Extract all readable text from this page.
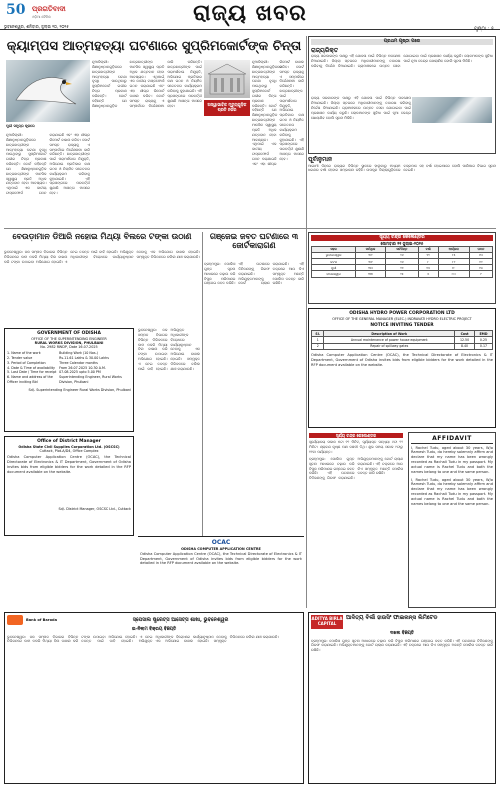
50 ପ୍ରଗତିବାଦୀ
ଓଡ଼ିଆ ଦୈନିକ	ରାଜ୍ୟ ଖବର
ଭୁବନେଶ୍ୱର, ଶନିବାର, ଜୁଲାଇ ୨୦, ୨୦୨୫	ପୃଷ୍ଠା : ୫
କ୍ୟାମ୍ପସ ଆତ୍ମହତ୍ୟା ଘଟଣାରେ ସୁପ୍ରିମକୋର୍ଟଙ୍କ ଚିନ୍ତା
ଅସ୍ୱାଭାବିକ ମୃତ୍ୟୁଗୁଡ଼ିକ ପ୍ରତି ନଜର
ନୂଆଦିଲ୍ଲୀ: ଶିକ୍ଷାନୁଷ୍ଠାନଗୁଡ଼ିକରେ ଛାତ୍ରଛାତ୍ରୀଙ୍କ ଆତ୍ମହତ୍ୟା ଘଟଣା ବୃଦ୍ଧି ପାଉଥିବାରୁ ସୁପ୍ରିମକୋର୍ଟ ଗଭୀର ଚିନ୍ତା ପ୍ରକାଶ କରିଛନ୍ତି। କୋର୍ଟ କହିଛନ୍ତି ଯେ ଶିକ୍ଷାନୁଷ୍ଠାନଗୁଡ଼ିକ ଛାତ୍ରଛାତ୍ରୀଙ୍କ ମାନସିକ ସ୍ୱାସ୍ଥ୍ୟ ପ୍ରତି ଅଧିକ ଯତ୍ନବାନ ହେବା ଆବଶ୍ୟକ। ଏଥିପାଇଁ ଏକ ଜାତୀୟ ଟାସ୍କଫୋର୍ସ ଗଠନ କରାଯାଇଛି ଏବଂ ଏହା ଶୀଘ୍ର ରିପୋର୍ଟ ଦାଖଲ କରିବ। କୋର୍ଟ ସମସ୍ତ ରାଜ୍ୟକୁ ଏ ସମ୍ପର୍କରେ ନିର୍ଦ୍ଦେଶନାମା ଜାରି କରିଛନ୍ତି। ଛାତ୍ରଛାତ୍ରୀଙ୍କ ପାଇଁ ପରାମର୍ଶଦାତା ନିଯୁକ୍ତି, ଅଭିଯୋଗ ପ୍ରତିକାର କକ୍ଷ ଗଠନ ଓ ନିୟମିତ ସଚେତନତା କାର୍ଯ୍ୟକ୍ରମ କରିବାକୁ କୁହାଯାଇଛି। ଏହି ପ୍ରସଙ୍ଗରେ ପରବର୍ତ୍ତୀ ଶୁଣାଣି ଆସନ୍ତା ମାସରେ ହେବ।
ନୂଆଦିଲ୍ଲୀ: ଶିକ୍ଷାନୁଷ୍ଠାନଗୁଡ଼ିକରେ ଛାତ୍ରଛାତ୍ରୀଙ୍କ ଆତ୍ମହତ୍ୟା ଘଟଣା ବୃଦ୍ଧି ପାଉଥିବାରୁ ସୁପ୍ରିମକୋର୍ଟ ଗଭୀର ଚିନ୍ତା ପ୍ରକାଶ କରିଛନ୍ତି। କୋର୍ଟ କହିଛନ୍ତି ଯେ ଶିକ୍ଷାନୁଷ୍ଠାନଗୁଡ଼ିକ ଛାତ୍ରଛାତ୍ରୀଙ୍କ ମାନସିକ ସ୍ୱାସ୍ଥ୍ୟ ପ୍ରତି ଅଧିକ ଯତ୍ନବାନ ହେବା ଆବଶ୍ୟକ। ଏଥିପାଇଁ ଏକ ଜାତୀୟ ଟାସ୍କଫୋର୍ସ ଗଠନ କରାଯାଇଛି ଏବଂ ଏହା ଶୀଘ୍ର ରିପୋର୍ଟ ଦାଖଲ କରିବ। କୋର୍ଟ ସମସ୍ତ ରାଜ୍ୟକୁ ଏ ସମ୍ପର୍କରେ ନିର୍ଦ୍ଦେଶନାମା ଜାରି କରିଛନ୍ତି। ଛାତ୍ରଛାତ୍ରୀଙ୍କ ପାଇଁ ପରାମର୍ଶଦାତା ନିଯୁକ୍ତି, ଅଭିଯୋଗ ପ୍ରତିକାର କକ୍ଷ ଗଠନ ଓ ନିୟମିତ ସଚେତନତା କାର୍ଯ୍ୟକ୍ରମ କରିବାକୁ କୁହାଯାଇଛି। ଏହି ପ୍ରସଙ୍ଗରେ ପରବର୍ତ୍ତୀ ଶୁଣାଣି ଆସନ୍ତା ମାସରେ ହେବ।
ପୁରୀ ସମୁଦ୍ର କୂଳରେ
ନୂଆଦିଲ୍ଲୀ: ଶିକ୍ଷାନୁଷ୍ଠାନଗୁଡ଼ିକରେ ଛାତ୍ରଛାତ୍ରୀଙ୍କ ଆତ୍ମହତ୍ୟା ଘଟଣା ବୃଦ୍ଧି ପାଉଥିବାରୁ ସୁପ୍ରିମକୋର୍ଟ ଗଭୀର ଚିନ୍ତା ପ୍ରକାଶ କରିଛନ୍ତି। କୋର୍ଟ କହିଛନ୍ତି ଯେ ଶିକ୍ଷାନୁଷ୍ଠାନଗୁଡ଼ିକ ଛାତ୍ରଛାତ୍ରୀଙ୍କ ମାନସିକ ସ୍ୱାସ୍ଥ୍ୟ ପ୍ରତି ଅଧିକ ଯତ୍ନବାନ ହେବା ଆବଶ୍ୟକ। ଏଥିପାଇଁ ଏକ ଜାତୀୟ ଟାସ୍କଫୋର୍ସ ଗଠନ କରାଯାଇଛି ଏବଂ ଏହା ଶୀଘ୍ର ରିପୋର୍ଟ ଦାଖଲ କରିବ। କୋର୍ଟ ସମସ୍ତ ରାଜ୍ୟକୁ ଏ ସମ୍ପର୍କରେ ନିର୍ଦ୍ଦେଶନାମା ଜାରି କରିଛନ୍ତି। ଛାତ୍ରଛାତ୍ରୀଙ୍କ ପାଇଁ ପରାମର୍ଶଦାତା ନିଯୁକ୍ତି, ଅଭିଯୋଗ ପ୍ରତିକାର କକ୍ଷ ଗଠନ ଓ ନିୟମିତ ସଚେତନତା କାର୍ଯ୍ୟକ୍ରମ କରିବାକୁ କୁହାଯାଇଛି। ଏହି ପ୍ରସଙ୍ଗରେ ପରବର୍ତ୍ତୀ ଶୁଣାଣି ଆସନ୍ତା ମାସରେ ହେବ।
ପ୍ରଥମ ପୃଷ୍ଠା ପରେ
ରାଜ୍ୟରିକ୍ତ
ରାଜ୍ୟ ସରକାରଙ୍କ ପକ୍ଷରୁ ଏହି ଯୋଜନା ପାଇଁ ବିଭିନ୍ନ ପଦକ୍ଷେପ ନିଆଯାଇଛି। ଜିଲ୍ଲା ସ୍ତରରେ ଅଧିକାରୀମାନଙ୍କୁ ତଦାରଖ କରିବାକୁ ନିର୍ଦ୍ଦେଶ ଦିଆଯାଇଛି। ଗ୍ରାମାଞ୍ଚଳରେ ଉନ୍ନତ ସେବା ଯୋଗାଇବା ପାଇଁ ପ୍ରଶାସନ କାର୍ଯ୍ୟ କରୁଛି। ଲୋକମାନଙ୍କ ସୁବିଧା ପାଇଁ ନୂଆ କେନ୍ଦ୍ର ଖୋଲାଯିବ ବୋଲି ସୂଚନା ମିଳିଛି।
ରାଜ୍ୟ ସରକାରଙ୍କ ପକ୍ଷରୁ ଏହି ଯୋଜନା ପାଇଁ ବିଭିନ୍ନ ପଦକ୍ଷେପ ନିଆଯାଇଛି। ଜିଲ୍ଲା ସ୍ତରରେ ଅଧିକାରୀମାନଙ୍କୁ ତଦାରଖ କରିବାକୁ ନିର୍ଦ୍ଦେଶ ଦିଆଯାଇଛି। ଗ୍ରାମାଞ୍ଚଳରେ ଉନ୍ନତ ସେବା ଯୋଗାଇବା ପାଇଁ ପ୍ରଶାସନ କାର୍ଯ୍ୟ କରୁଛି। ଲୋକମାନଙ୍କ ସୁବିଧା ପାଇଁ ନୂଆ କେନ୍ଦ୍ର ଖୋଲାଯିବ ବୋଲି ସୂଚନା ମିଳିଛି।
ପୂର୍ବାନୁମାନ
ଆଗାମୀ ଦିନରେ ରାଜ୍ୟର ବିଭିନ୍ନ ସ୍ଥାନରେ ହାଲୁକାରୁ ମଧ୍ୟମ ଧରଣର ବର୍ଷା ହେବାର ସମ୍ଭାବନା ରହିଛି। ଉପକୂଳ ଜିଲ୍ଲାଗୁଡ଼ିକରେ ବଜ୍ରପାତ ସହ ବର୍ଷା ହୋଇପାରେ ବୋଲି ପାଣିପାଗ ବିଭାଗ ସୂଚନା ଦେଇଛି।
ବେଉଡ଼ାମାନ ଡିଆରି ନହୋଇ ମିଥ୍ୟା ବିଲରେ ଟଙ୍କା ଉଠାଣ
ଭୁବନେଶ୍ୱର: ଜଳ ସମ୍ପଦ ବିଭାଗର ବିଭିନ୍ନ ଡିଭିଜନରେ କାମ ନକରି ମିଥ୍ୟା ବିଲ ଦାଖଲ କରି ଟଙ୍କା ଉଠାଇବା ଅଭିଯୋଗ ହୋଇଛି। ଏ ନେଇ ତଦନ୍ତ ପାଇଁ ଦାବି ହୋଇଛି। ଅଭିଯୁକ୍ତ ଅଧିକାରୀଙ୍କ ବିରୋଧରେ କାର୍ଯ୍ୟାନୁଷ୍ଠାନ ନେବାକୁ ଏକ ଅଭିଯୋଗ ଦାଖଲ ହୋଇଛି। ସମ୍ପୃକ୍ତ ଡିଭିଜନରେ ଦଲିଲ ଯାଞ୍ଚ କରାଯାଉଛି।
GOVERNMENT OF ODISHA
OFFICE OF THE SUPERINTENDING ENGINEER
RURAL WORKS DIVISION, PHULBANI
No. 2982 RWDP, Date 16.07.2025
1. Name of the work	Building Work (10 Nos.)
2. Tender value	Rs.11.61 Lakhs & 30.00 Lakhs
3. Period of Completion	Three Calendar months
4. Date & Time of availability	From 26.07.2025 10.30 A.M.
5. Last Date / Time for receipt 07.08.2025 upto 5.00 PM
6. Name and address of the Officer inviting Bid
Superintending Engineer, Rural Works Division, Phulbani
Sd/- Superintending Engineer Rural Works Division, Phulbani
Office of District Manager
Odisha State Civil Supplies Corporation Ltd. (OSCSC)
Cuttack, Plot-A/D4, Office Complex
Odisha Computer Application Centre (OCAC), the Technical Directorate of Electronics & IT Department, Government of Odisha invites bids from eligible bidders for the work detailed in the RFP document available on the website.
Sd/- District Manager, OSCSC Ltd., Cuttack
ଭୁବନେଶ୍ୱର: ଜଳ ସମ୍ପଦ ବିଭାଗର ବିଭିନ୍ନ ଡିଭିଜନରେ କାମ ନକରି ମିଥ୍ୟା ବିଲ ଦାଖଲ କରି ଟଙ୍କା ଉଠାଇବା ଅଭିଯୋଗ ହୋଇଛି। ଏ ନେଇ ତଦନ୍ତ ପାଇଁ ଦାବି ହୋଇଛି। ଅଭିଯୁକ୍ତ ଅଧିକାରୀଙ୍କ ବିରୋଧରେ କାର୍ଯ୍ୟାନୁଷ୍ଠାନ ନେବାକୁ ଏକ ଅଭିଯୋଗ ଦାଖଲ ହୋଇଛି। ସମ୍ପୃକ୍ତ ଡିଭିଜନରେ ଦଲିଲ ଯାଞ୍ଚ କରାଯାଉଛି।
ଗଞ୍ଜେଇ ଜବତ ଘଟଣାରେ ୩ ଜୋର୍ଟକାରାଗଣ
ବ୍ରହ୍ମପୁର: ପୋଲିସ ଗୁପ୍ତ ସୂଚନା ଆଧାରରେ ଚଢ଼ାଉ କରି ବିପୁଳ ପରିମାଣର ଗଞ୍ଜେଇ ଜବତ କରିଛି। ଏହି ଘଟଣାରେ ତିନିଜଣଙ୍କୁ ଗିରଫ କରାଯାଇଛି। ଅଭିଯୁକ୍ତମାନଙ୍କୁ କୋର୍ଟ ଚାଲାଣ କରାଯାଇଛି। ଏହି ଚକ୍ରରେ ଆଉ କିଏ ସମ୍ପୃକ୍ତ ଅଛନ୍ତି ପୋଲିସ ତଦନ୍ତ ଜାରି ରଖିଛି।
ସୂର୍ଯ୍ୟ ଚନ୍ଦ୍ର କେଲେଣ୍ଡର
ସୋମବାର ୨୧ ଜୁଲାଇ-୨୦୨୫
ସହର	ସର୍ବାଧିକ	ସର୍ବନିମ୍ନ	ବର୍ଷା	ଆର୍ଦ୍ରତା	ପବନ
ଭୁବନେଶ୍ୱର	୩୨	୨୬	୧୨	୮୫	୧୦
କଟକ	୩୧	୨୬	୮	୮୨	୧୨
ପୁରୀ	୩୦	୨୭	୧୫	୮୮	୧୪
ବାଲେଶ୍ୱର	୩୩	୨୫	୫	୮୦	୯
OCAC
ODISHA COMPUTER APPLICATION CENTRE
Odisha Computer Application Centre (OCAC), the Technical Directorate of Electronics & IT Department, Government of Odisha invites bids from eligible bidders for the work detailed in the RFP document available on the website.
ODISHA HYDRO POWER CORPORATION LTD
OFFICE OF THE GENERAL MANAGER (ELEC.) INDRAVATI HYDRO ELECTRIC PROJECT
NOTICE INVITING TENDER
Sl.	Description of Work	Cost	EMD
1	Annual maintenance of power house equipment	12.50	0.25
2	Repair of spillway gates	8.40	0.17
Odisha Computer Application Centre (OCAC), the Technical Directorate of Electronics & IT Department, Government of Odisha invites bids from eligible bidders for the work detailed in the RFP document available on the website.
AFFIDAVIT
I, Rachel Tudu, aged about 30 years, W/o Ramesh Tudu, do hereby solemnly affirm and declare that my name has been wrongly recorded as Rachali Tudu in my passport. My actual name is Rachel Tudu and both the names belong to one and the same person.
I, Rachel Tudu, aged about 30 years, W/o Ramesh Tudu, do hereby solemnly affirm and declare that my name has been wrongly recorded as Rachali Tudu in my passport. My actual name is Rachel Tudu and both the names belong to one and the same person.
ସୂର୍ଯ୍ୟ ଚନ୍ଦ୍ର କେଲେଣ୍ଡର
ସୂର୍ଯ୍ୟୋଦୟ ସକାଳ ୫ଟା ୧୨ ମିନିଟ, ସୂର୍ଯ୍ୟାସ୍ତ ସନ୍ଧ୍ୟା ୬ଟା ୨୨ ମିନିଟ। ଶ୍ରାବଣ କୃଷ୍ଣ ପକ୍ଷ ଦଶମୀ ତିଥି। ଶୁଭ ସମୟ ସକାଳ ୯ଟାରୁ ୧୧ଟା ପର୍ଯ୍ୟନ୍ତ।
ବ୍ରହ୍ମପୁର: ପୋଲିସ ଗୁପ୍ତ ସୂଚନା ଆଧାରରେ ଚଢ଼ାଉ କରି ବିପୁଳ ପରିମାଣର ଗଞ୍ଜେଇ ଜବତ କରିଛି। ଏହି ଘଟଣାରେ ତିନିଜଣଙ୍କୁ ଗିରଫ କରାଯାଇଛି। ଅଭିଯୁକ୍ତମାନଙ୍କୁ କୋର୍ଟ ଚାଲାଣ କରାଯାଇଛି। ଏହି ଚକ୍ରରେ ଆଉ କିଏ ସମ୍ପୃକ୍ତ ଅଛନ୍ତି ପୋଲିସ ତଦନ୍ତ ଜାରି ରଖିଛି।
Bank of Baroda	ସ୍ପେସାଲ ଷ୍ଟ୍ରେଟ୍ସ ଆସେଟ୍ସ ଶାଖା, ଭୁବନେଶ୍ୱର
ଇ-ନିଲାମ ବିକ୍ରୟ ବିଜ୍ଞପ୍ତି
ଭୁବନେଶ୍ୱର: ଜଳ ସମ୍ପଦ ବିଭାଗର ବିଭିନ୍ନ ଡିଭିଜନରେ କାମ ନକରି ମିଥ୍ୟା ବିଲ ଦାଖଲ କରି ଟଙ୍କା ଉଠାଇବା ଅଭିଯୋଗ ହୋଇଛି। ଏ ନେଇ ତଦନ୍ତ ପାଇଁ ଦାବି ହୋଇଛି। ଅଭିଯୁକ୍ତ ଅଧିକାରୀଙ୍କ ବିରୋଧରେ କାର୍ଯ୍ୟାନୁଷ୍ଠାନ ନେବାକୁ ଏକ ଅଭିଯୋଗ ଦାଖଲ ହୋଇଛି। ସମ୍ପୃକ୍ତ ଡିଭିଜନରେ ଦଲିଲ ଯାଞ୍ଚ କରାଯାଉଛି।
ADITYA BIRLA CAPITAL
ଆଦିତ୍ୟ ବିର୍ଲା ହାଉସିଂ ଫାଇନାନ୍ସ ଲିମିଟେଡ
ଦଖଲ ବିଜ୍ଞପ୍ତି
ବ୍ରହ୍ମପୁର: ପୋଲିସ ଗୁପ୍ତ ସୂଚନା ଆଧାରରେ ଚଢ଼ାଉ କରି ବିପୁଳ ପରିମାଣର ଗଞ୍ଜେଇ ଜବତ କରିଛି। ଏହି ଘଟଣାରେ ତିନିଜଣଙ୍କୁ ଗିରଫ କରାଯାଇଛି। ଅଭିଯୁକ୍ତମାନଙ୍କୁ କୋର୍ଟ ଚାଲାଣ କରାଯାଇଛି। ଏହି ଚକ୍ରରେ ଆଉ କିଏ ସମ୍ପୃକ୍ତ ଅଛନ୍ତି ପୋଲିସ ତଦନ୍ତ ଜାରି ରଖିଛି।
